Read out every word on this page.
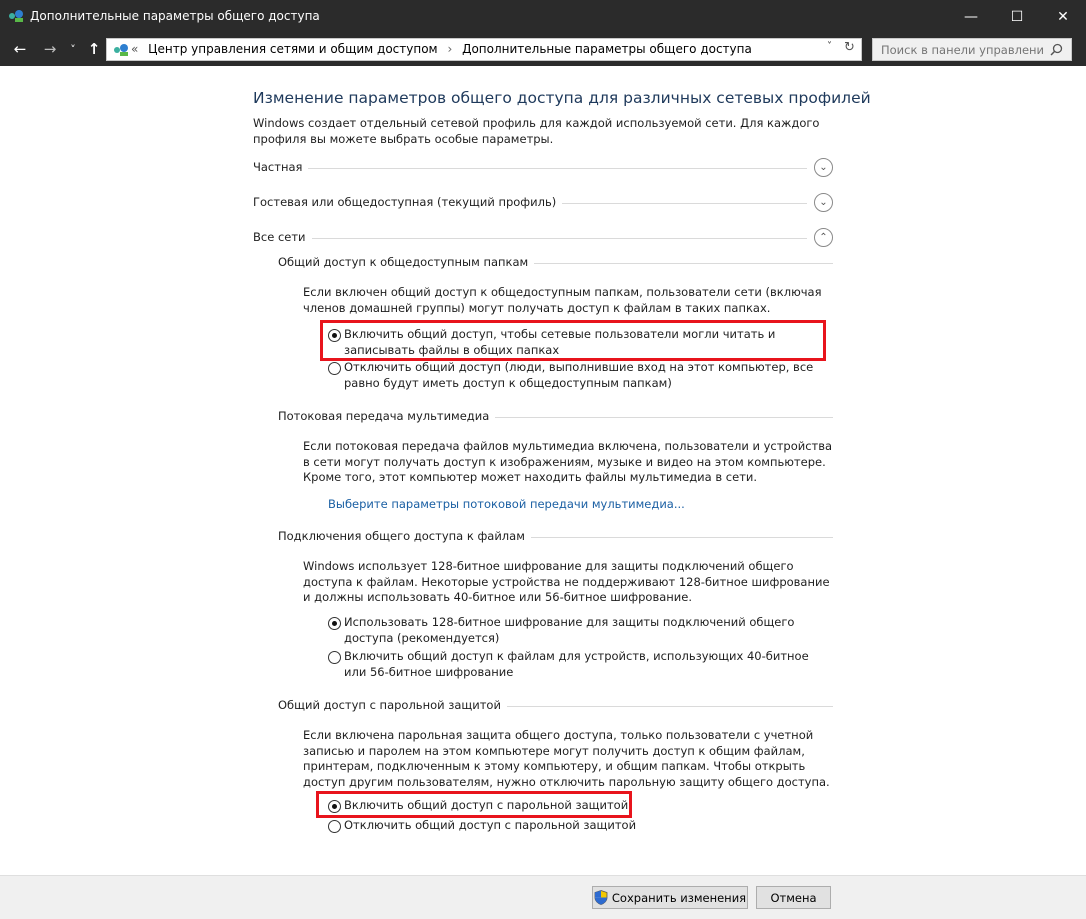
Дополнительные параметры общего доступа	—	☐	✕
← →	˅ ↑	« Центр управления сетями и общим доступом › Дополнительные параметры общего доступа	˅ ↻
Поиск в панели управления
Изменение параметров общего доступа для различных сетевых профилей
Windows создает отдельный сетевой профиль для каждой используемой сети. Для каждого профиля вы можете выбрать особые параметры.
Частная	⌄
Гостевая или общедоступная (текущий профиль)	⌄
Все сети	⌃
Общий доступ к общедоступным папкам
Если включен общий доступ к общедоступным папкам, пользователи сети (включая членов домашней группы) могут получать доступ к файлам в таких папках.
Включить общий доступ, чтобы сетевые пользователи могли читать и записывать файлы в общих папках
Отключить общий доступ (люди, выполнившие вход на этот компьютер, все равно будут иметь доступ к общедоступным папкам)
Потоковая передача мультимедиа
Если потоковая передача файлов мультимедиа включена, пользователи и устройства в сети могут получать доступ к изображениям, музыке и видео на этом компьютере. Кроме того, этот компьютер может находить файлы мультимедиа в сети.
Выберите параметры потоковой передачи мультимедиа...
Подключения общего доступа к файлам
Windows использует 128-битное шифрование для защиты подключений общего доступа к файлам. Некоторые устройства не поддерживают 128-битное шифрование и должны использовать 40-битное или 56-битное шифрование.
Использовать 128-битное шифрование для защиты подключений общего доступа (рекомендуется)
Включить общий доступ к файлам для устройств, использующих 40-битное или 56-битное шифрование
Общий доступ с парольной защитой
Если включена парольная защита общего доступа, только пользователи с учетной записью и паролем на этом компьютере могут получить доступ к общим файлам, принтерам, подключенным к этому компьютеру, и общим папкам. Чтобы открыть доступ другим пользователям, нужно отключить парольную защиту общего доступа.
Включить общий доступ с парольной защитой
Отключить общий доступ с парольной защитой
Сохранить изменения	Отмена
